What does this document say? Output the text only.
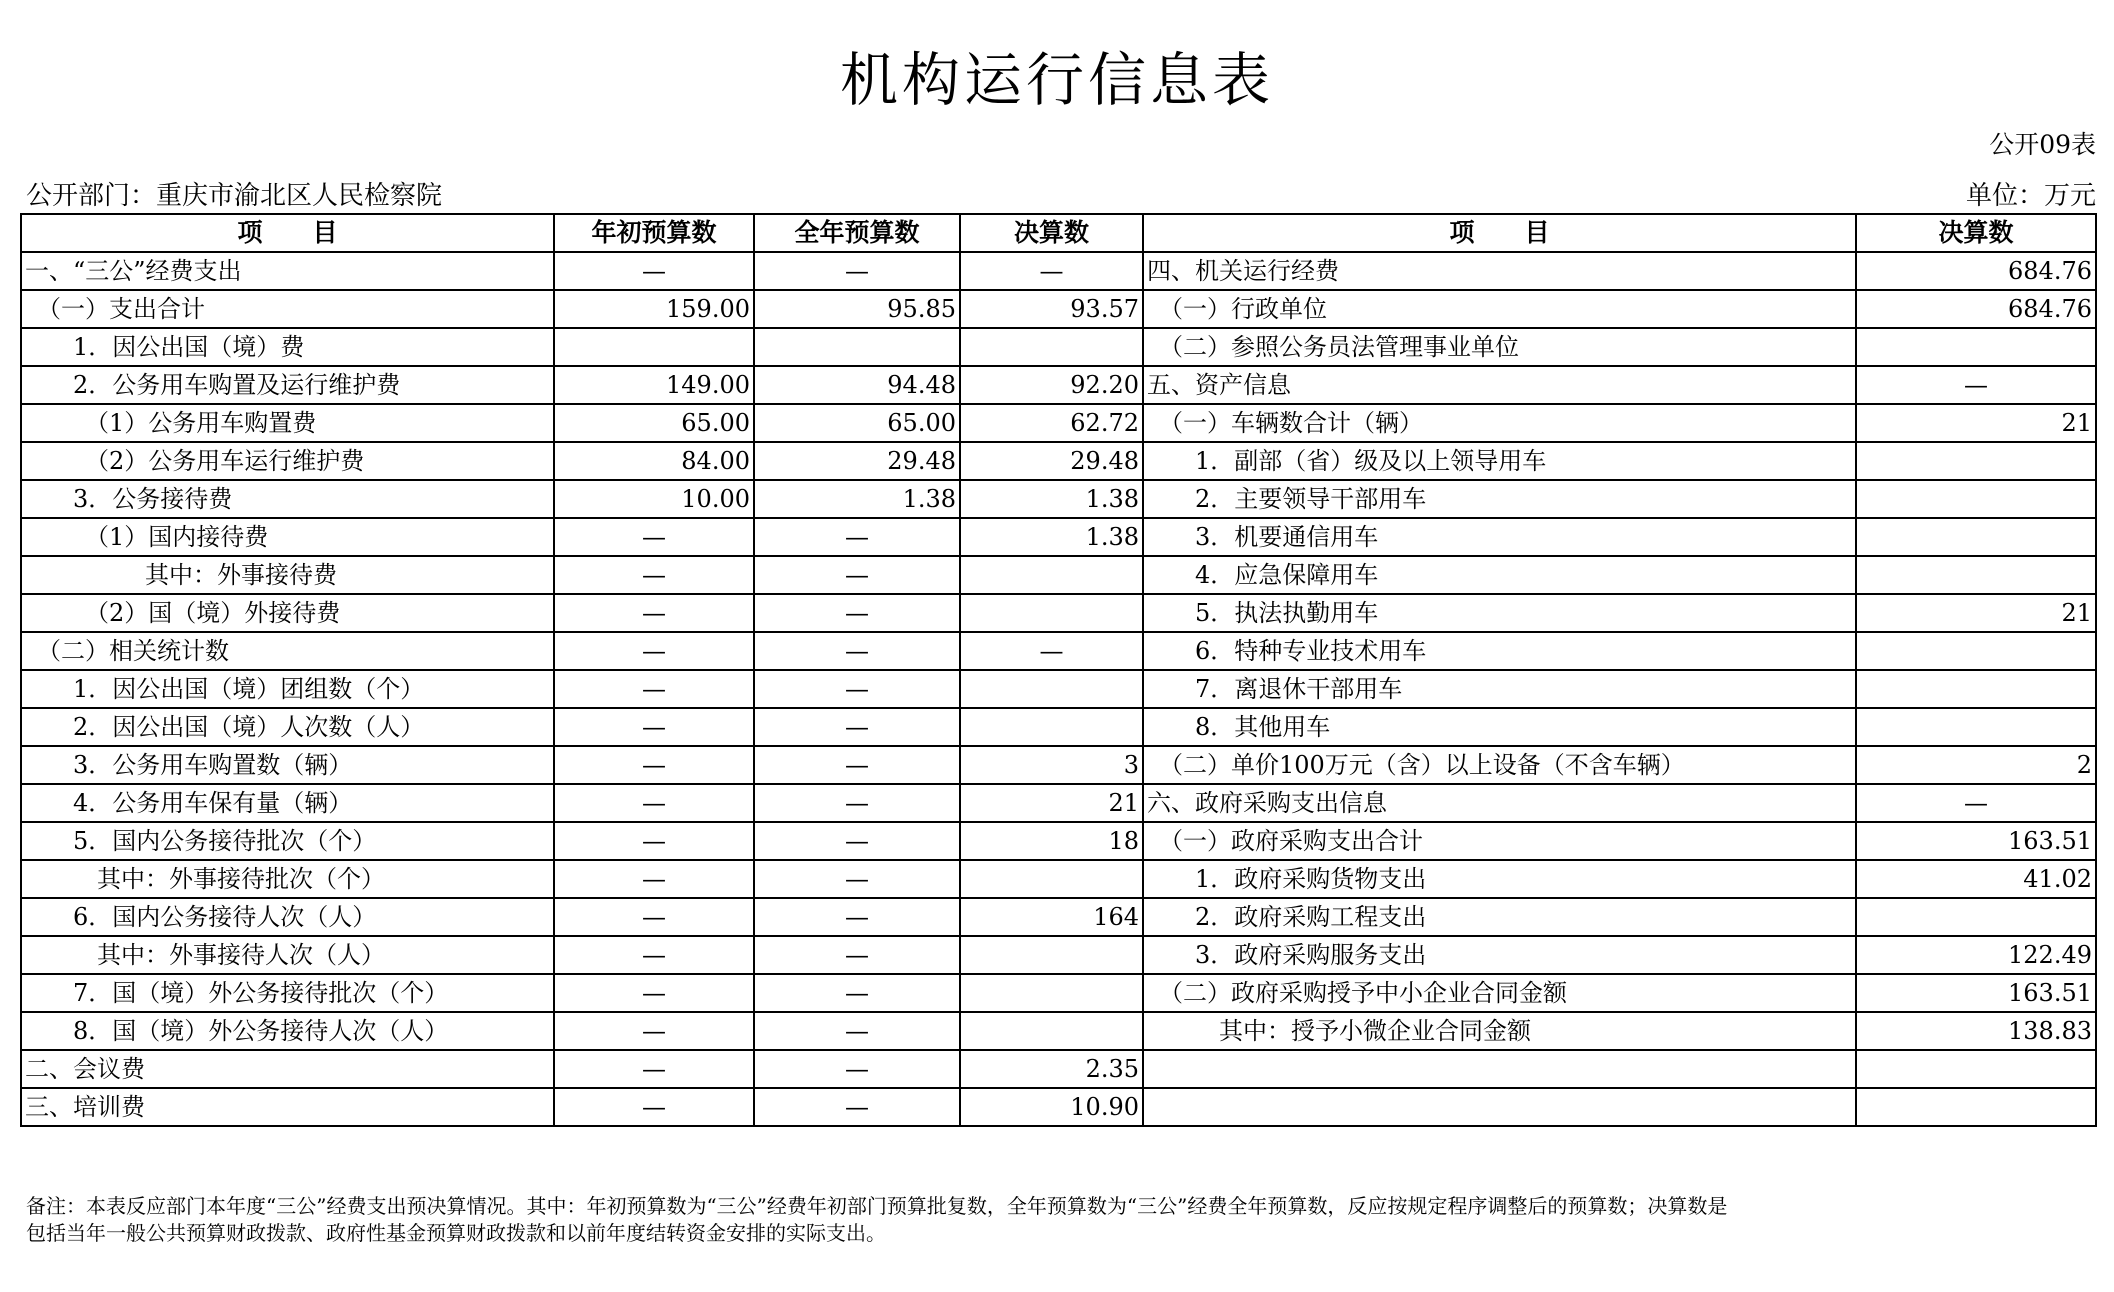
机构运行信息表
公开09表
公开部门：重庆市渝北区人民检察院	单位：万元
项　　目	年初预算数	全年预算数	决算数	项　　目	决算数
一、“三公”经费支出	—	—	—	四、机关运行经费	684.76
　（一）支出合计	159.00	95.85	93.57	　（一）行政单位	684.76
　　1．因公出国（境）费				　（二）参照公务员法管理事业单位	
　　2．公务用车购置及运行维护费	149.00	94.48	92.20	五、资产信息	—
　　　（1）公务用车购置费	65.00	65.00	62.72	　（一）车辆数合计（辆）	21
　　　（2）公务用车运行维护费	84.00	29.48	29.48	　　1．副部（省）级及以上领导用车	
　　3．公务接待费	10.00	1.38	1.38	　　2．主要领导干部用车	
　　　（1）国内接待费	—	—	1.38	　　3．机要通信用车	
　　　　　其中：外事接待费	—	—		　　4．应急保障用车	
　　　（2）国（境）外接待费	—	—		　　5．执法执勤用车	21
　（二）相关统计数	—	—	—	　　6．特种专业技术用车	
　　1．因公出国（境）团组数（个）	—	—		　　7．离退休干部用车	
　　2．因公出国（境）人次数（人）	—	—		　　8．其他用车	
　　3．公务用车购置数（辆）	—	—	3	　（二）单价100万元（含）以上设备（不含车辆）	2
　　4．公务用车保有量（辆）	—	—	21	六、政府采购支出信息	—
　　5．国内公务接待批次（个）	—	—	18	　（一）政府采购支出合计	163.51
　　　其中：外事接待批次（个）	—	—		　　1．政府采购货物支出	41.02
　　6．国内公务接待人次（人）	—	—	164	　　2．政府采购工程支出	
　　　其中：外事接待人次（人）	—	—		　　3．政府采购服务支出	122.49
　　7．国（境）外公务接待批次（个）	—	—		　（二）政府采购授予中小企业合同金额	163.51
　　8．国（境）外公务接待人次（人）	—	—		　　　其中：授予小微企业合同金额	138.83
二、会议费	—	—	2.35		
三、培训费	—	—	10.90		
备注：本表反应部门本年度“三公”经费支出预决算情况。其中：年初预算数为“三公”经费年初部门预算批复数，全年预算数为“三公”经费全年预算数，反应按规定程序调整后的预算数；决算数是
包括当年一般公共预算财政拨款、政府性基金预算财政拨款和以前年度结转资金安排的实际支出。
